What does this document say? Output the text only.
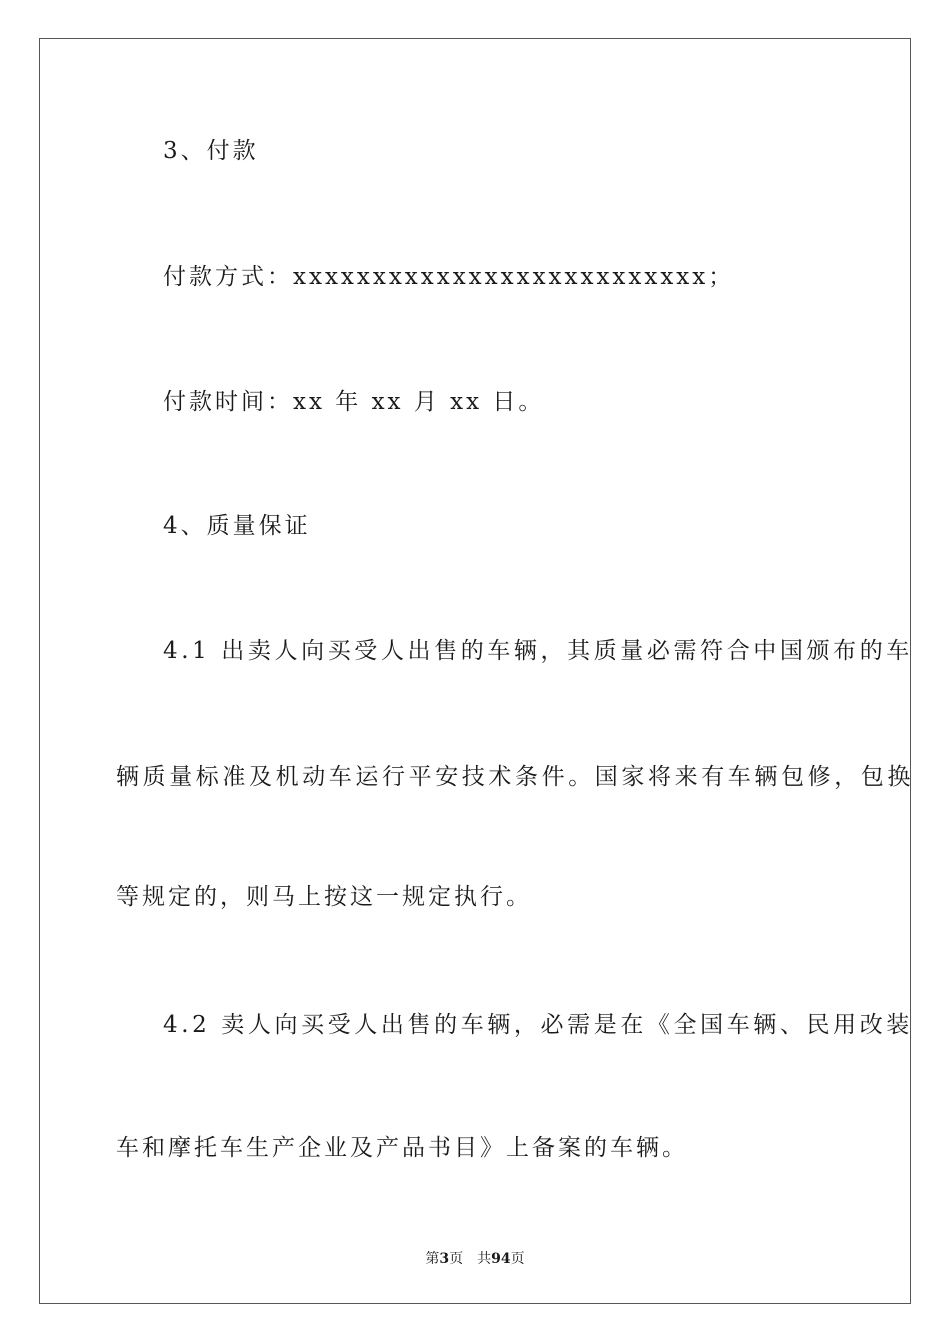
3、付款
付款方式：xxxxxxxxxxxxxxxxxxxxxxxxxx；
付款时间：xx 年 xx 月 xx 日。
4、质量保证
4.1 出卖人向买受人出售的车辆，其质量必需符合中国颁布的车
辆质量标准及机动车运行平安技术条件。国家将来有车辆包修，包换
等规定的，则马上按这一规定执行。
4.2 卖人向买受人出售的车辆，必需是在《全国车辆、民用改装
车和摩托车生产企业及产品书目》上备案的车辆。
第3页 共94页
